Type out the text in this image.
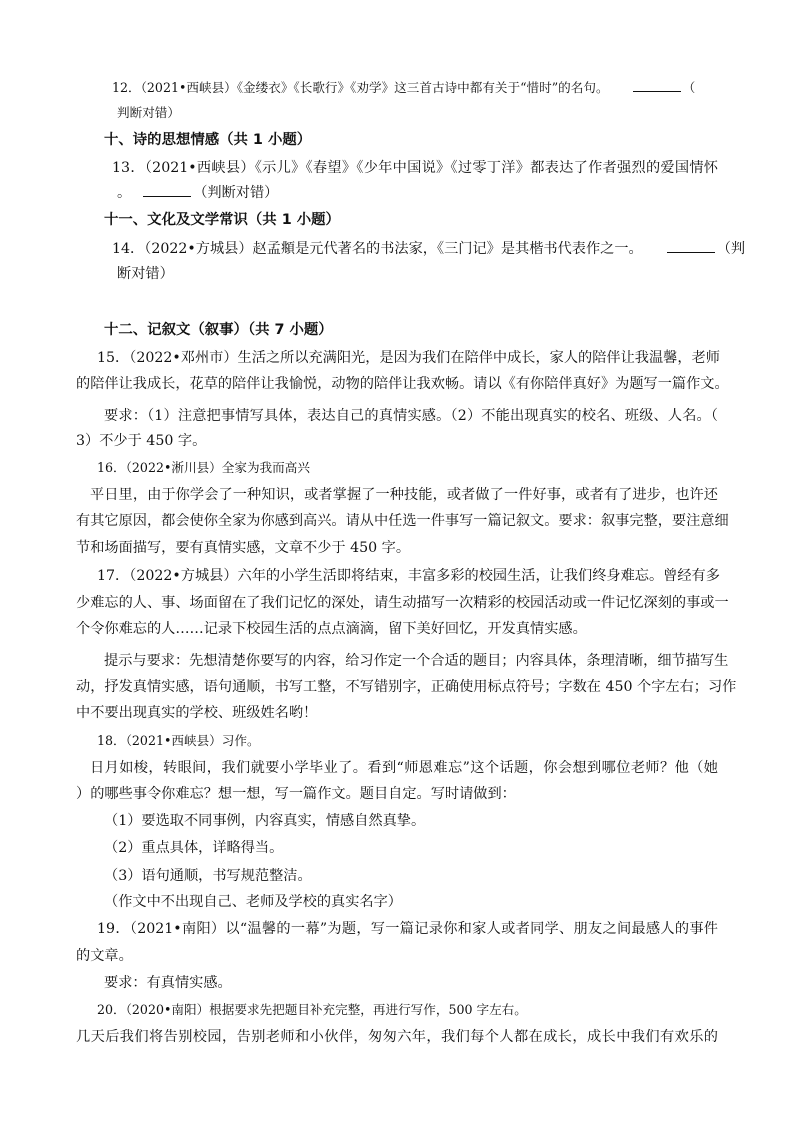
12．（2021•西峡县）《金缕衣》《长歌行》《劝学》这三首古诗中都有关于“惜时”的名句。	（
判断对错）
十、诗的思想情感（共 1 小题）
13．（2021•西峡县）《示儿》《春望》《少年中国说》《过零丁洋》都表达了作者强烈的爱国情怀
。	（判断对错）
十一、文化及文学常识（共 1 小题）
14．（2022•方城县）赵孟頫是元代著名的书法家，《三门记》是其楷书代表作之一。	（判
断对错）
十二、记叙文（叙事）（共 7 小题）
15．（2022•邓州市）生活之所以充满阳光，是因为我们在陪伴中成长，家人的陪伴让我温馨，老师
的陪伴让我成长，花草的陪伴让我愉悦，动物的陪伴让我欢畅。请以《有你陪伴真好》为题写一篇作文。
要求：（1）注意把事情写具体，表达自己的真情实感。（2）不能出现真实的校名、班级、人名。（
3）不少于 450 字。
16．（2022•淅川县）全家为我而高兴
平日里，由于你学会了一种知识，或者掌握了一种技能，或者做了一件好事，或者有了进步，也许还
有其它原因，都会使你全家为你感到高兴。请从中任选一件事写一篇记叙文。要求：叙事完整，要注意细
节和场面描写，要有真情实感，文章不少于 450 字。
17．（2022•方城县）六年的小学生活即将结束，丰富多彩的校园生活，让我们终身难忘。曾经有多
少难忘的人、事、场面留在了我们记忆的深处，请生动描写一次精彩的校园活动或一件记忆深刻的事或一
个令你难忘的人……记录下校园生活的点点滴滴，留下美好回忆，开发真情实感。
提示与要求：先想清楚你要写的内容，给习作定一个合适的题目；内容具体，条理清晰，细节描写生
动，抒发真情实感，语句通顺，书写工整，不写错别字，正确使用标点符号；字数在 450 个字左右；习作
中不要出现真实的学校、班级姓名哟！
18．（2021•西峡县）习作。
日月如梭，转眼间，我们就要小学毕业了。看到“师恩难忘”这个话题，你会想到哪位老师？他（她
）的哪些事令你难忘？想一想，写一篇作文。题目自定。写时请做到：
（1）要选取不同事例，内容真实，情感自然真挚。
（2）重点具体，详略得当。
（3）语句通顺，书写规范整洁。
（作文中不出现自己、老师及学校的真实名字）
19．（2021•南阳）以“温馨的一幕”为题，写一篇记录你和家人或者同学、朋友之间最感人的事件
的文章。
要求：有真情实感。
20．（2020•南阳）根据要求先把题目补充完整，再进行写作，500 字左右。
几天后我们将告别校园，告别老师和小伙伴，匆匆六年，我们每个人都在成长，成长中我们有欢乐的
